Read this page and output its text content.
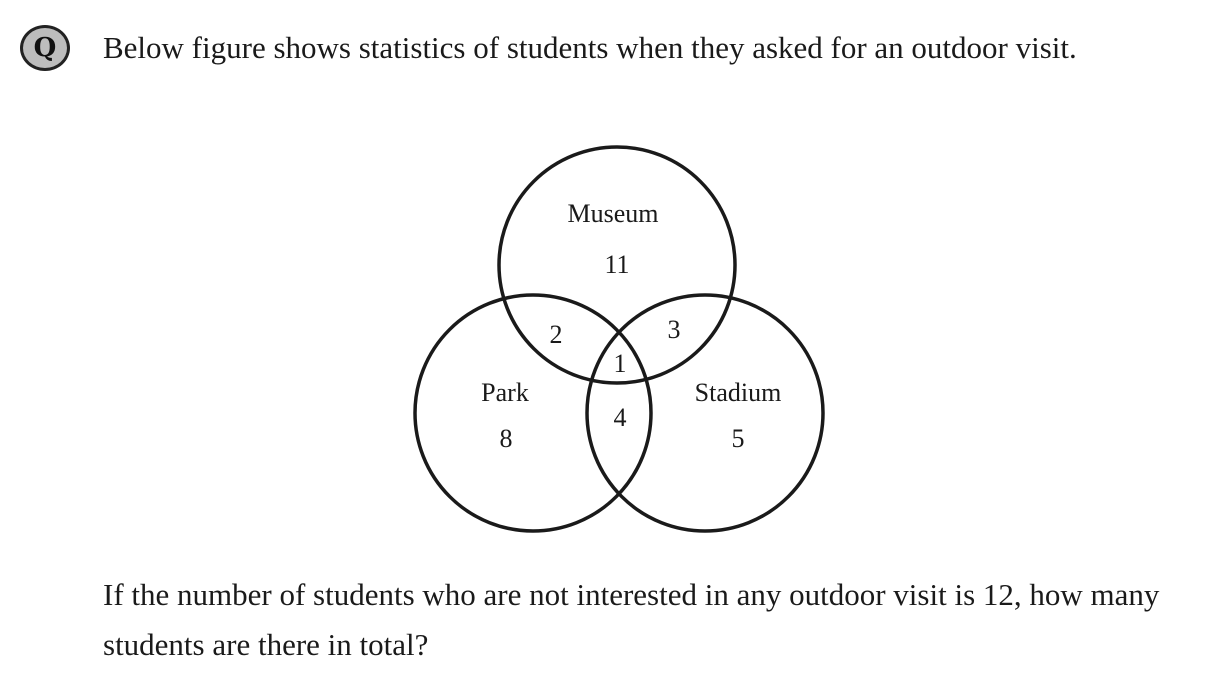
Q	Below figure shows statistics of students when they asked for an outdoor visit.
Museum
11
Park
8
Stadium
5
2	3
1
4
If the number of students who are not interested in any outdoor visit is 12, how many students are there in total?
